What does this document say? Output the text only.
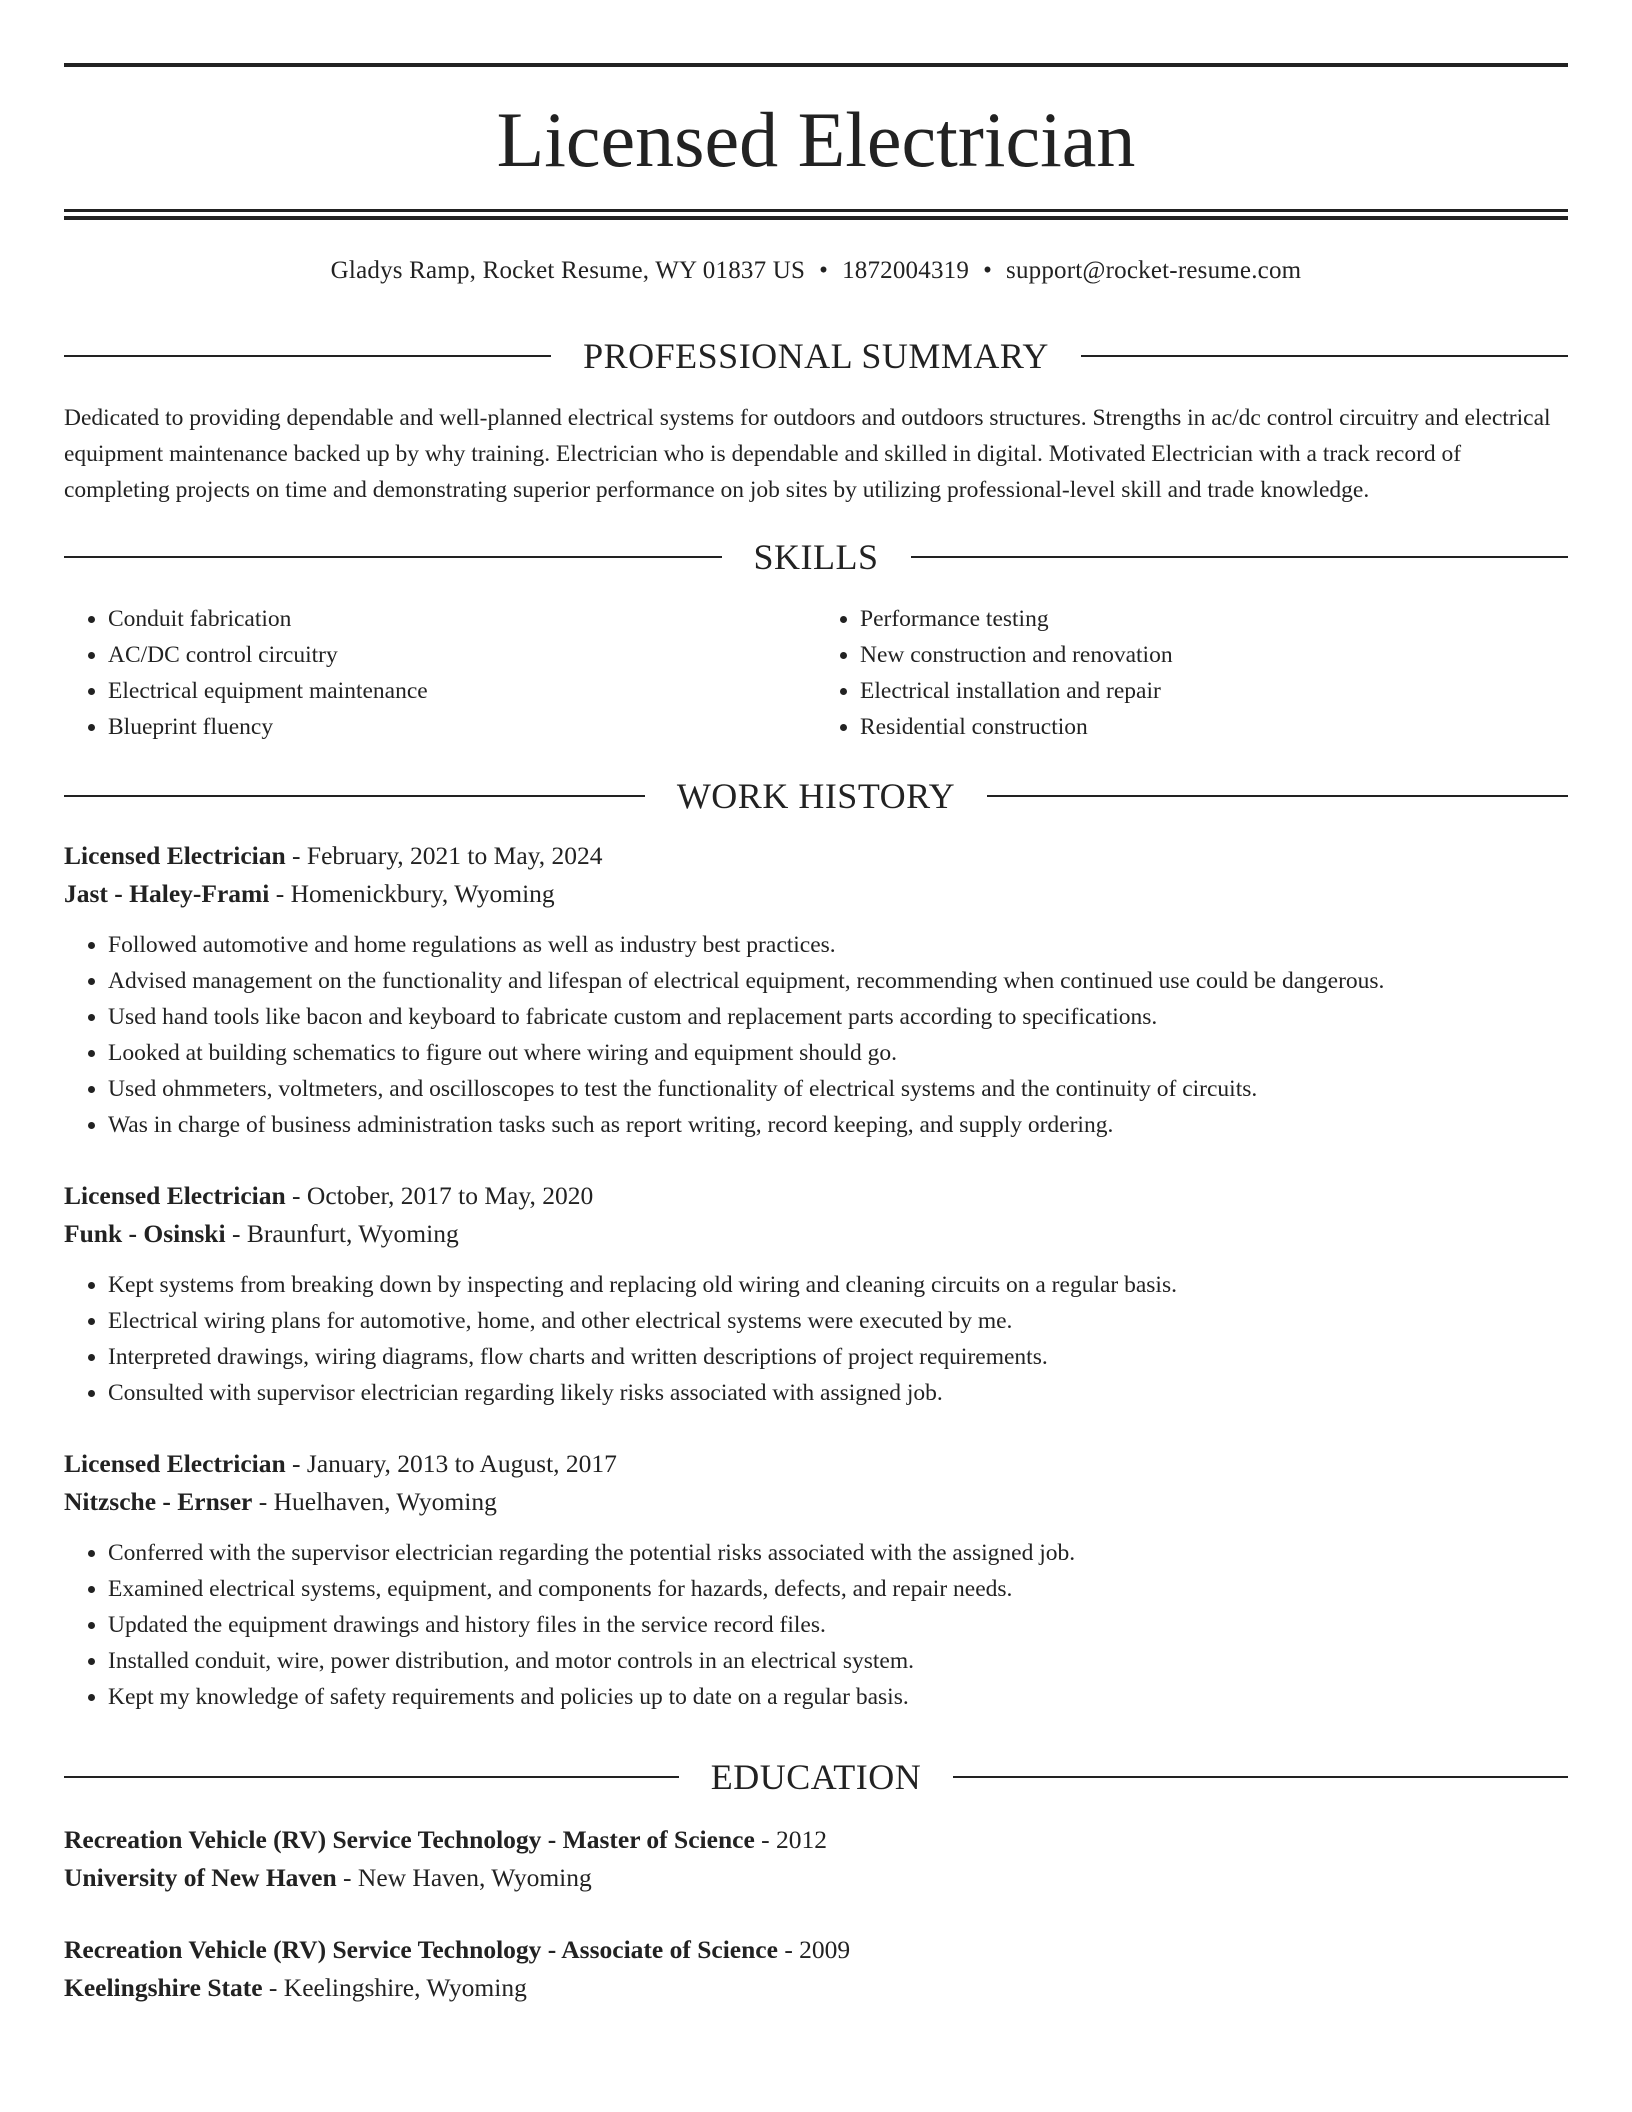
Licensed Electrician
Gladys Ramp, Rocket Resume, WY 01837 US • 1872004319 • support@rocket-resume.com
PROFESSIONAL SUMMARY
Dedicated to providing dependable and well-planned electrical systems for outdoors and outdoors structures. Strengths in ac/dc control circuitry and electrical equipment maintenance backed up by why training. Electrician who is dependable and skilled in digital. Motivated Electrician with a track record of completing projects on time and demonstrating superior performance on job sites by utilizing professional-level skill and trade knowledge.
SKILLS
• Conduit fabrication
• AC/DC control circuitry
• Electrical equipment maintenance
• Blueprint fluency
• Performance testing
• New construction and renovation
• Electrical installation and repair
• Residential construction
WORK HISTORY
Licensed Electrician - February, 2021 to May, 2024
Jast - Haley-Frami - Homenickbury, Wyoming
• Followed automotive and home regulations as well as industry best practices.
• Advised management on the functionality and lifespan of electrical equipment, recommending when continued use could be dangerous.
• Used hand tools like bacon and keyboard to fabricate custom and replacement parts according to specifications.
• Looked at building schematics to figure out where wiring and equipment should go.
• Used ohmmeters, voltmeters, and oscilloscopes to test the functionality of electrical systems and the continuity of circuits.
• Was in charge of business administration tasks such as report writing, record keeping, and supply ordering.
Licensed Electrician - October, 2017 to May, 2020
Funk - Osinski - Braunfurt, Wyoming
• Kept systems from breaking down by inspecting and replacing old wiring and cleaning circuits on a regular basis.
• Electrical wiring plans for automotive, home, and other electrical systems were executed by me.
• Interpreted drawings, wiring diagrams, flow charts and written descriptions of project requirements.
• Consulted with supervisor electrician regarding likely risks associated with assigned job.
Licensed Electrician - January, 2013 to August, 2017
Nitzsche - Ernser - Huelhaven, Wyoming
• Conferred with the supervisor electrician regarding the potential risks associated with the assigned job.
• Examined electrical systems, equipment, and components for hazards, defects, and repair needs.
• Updated the equipment drawings and history files in the service record files.
• Installed conduit, wire, power distribution, and motor controls in an electrical system.
• Kept my knowledge of safety requirements and policies up to date on a regular basis.
EDUCATION
Recreation Vehicle (RV) Service Technology - Master of Science - 2012
University of New Haven - New Haven, Wyoming
Recreation Vehicle (RV) Service Technology - Associate of Science - 2009
Keelingshire State - Keelingshire, Wyoming
